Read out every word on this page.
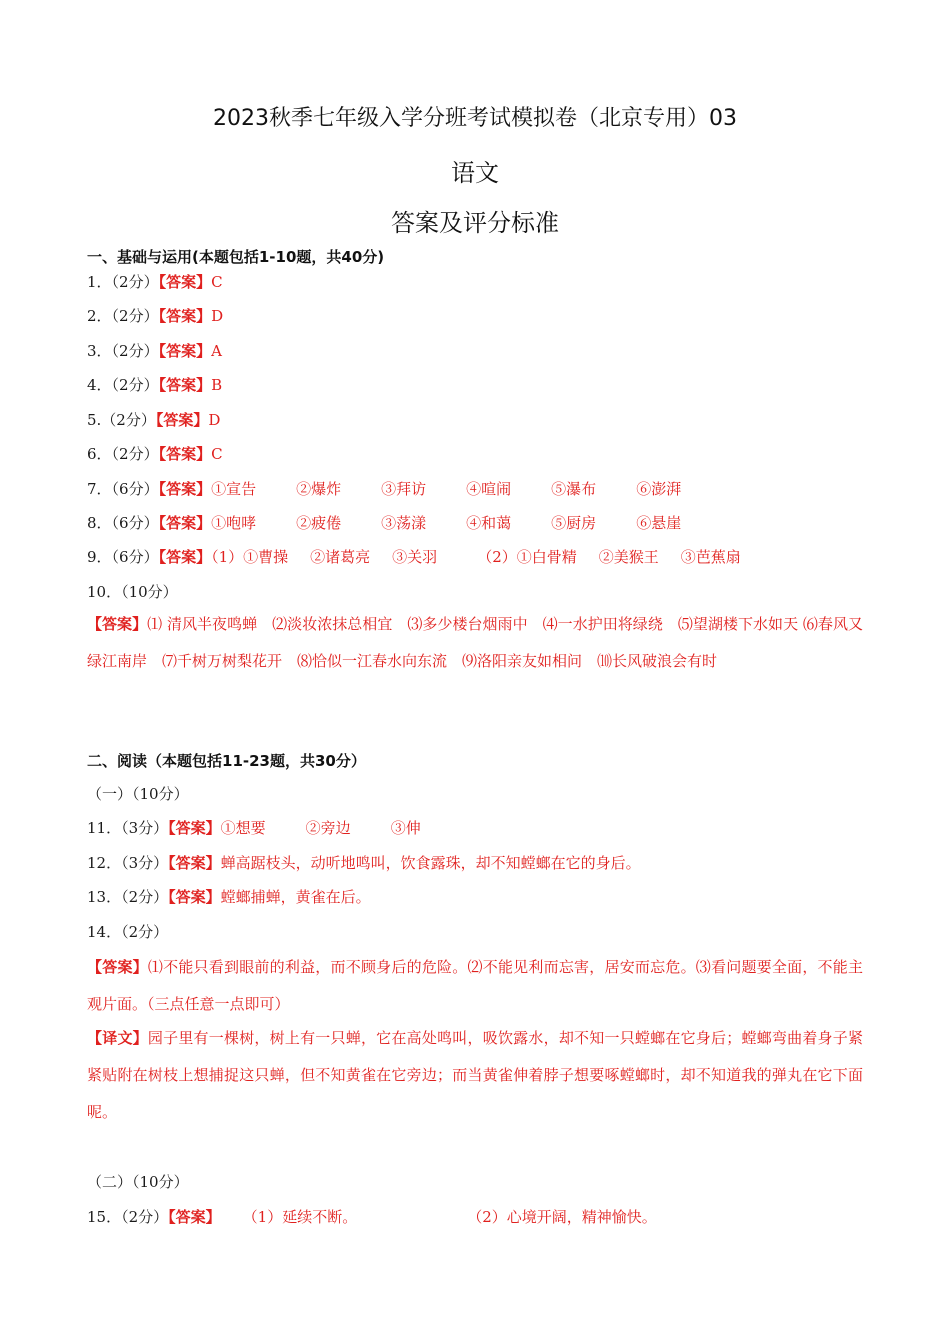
2023秋季七年级入学分班考试模拟卷（北京专用）03
语文
答案及评分标准
一、基础与运用(本题包括1-10题，共40分)
1．（2分）【答案】C
2．（2分）【答案】D
3．（2分）【答案】A
4．（2分）【答案】B
5.（2分）【答案】D
6．（2分）【答案】C
7．（6分）【答案】①宣告	②爆炸	③拜访	④喧闹	⑤瀑布	⑥澎湃
8．（6分）【答案】①咆哮	②疲倦	③荡漾	④和蔼	⑤厨房	⑥悬崖
9．（6分）【答案】（1）①曹操 ②诸葛亮 ③关羽	（2）①白骨精 ②美猴王 ③芭蕉扇
10．（10分）
【答案】⑴ 清风半夜鸣蝉　⑵淡妆浓抹总相宜　⑶多少楼台烟雨中　⑷一水护田将绿绕　⑸望湖楼下水如天 ⑹春风又绿江南岸　⑺千树万树梨花开　⑻恰似一江春水向东流　⑼洛阳亲友如相问　⑽长风破浪会有时
二、阅读（本题包括11-23题，共30分）
（一）（10分）
11．（3分）【答案】①想要	②旁边	③伸
12．（3分）【答案】蝉高踞枝头，动听地鸣叫，饮食露珠，却不知螳螂在它的身后。
13．（2分）【答案】螳螂捕蝉，黄雀在后。
14．（2分）
【答案】⑴不能只看到眼前的利益，而不顾身后的危险。⑵不能见利而忘害，居安而忘危。⑶看问题要全面，不能主观片面。（三点任意一点即可）
【译文】园子里有一棵树，树上有一只蝉，它在高处鸣叫，吸饮露水，却不知一只螳螂在它身后；螳螂弯曲着身子紧紧贴附在树枝上想捕捉这只蝉，但不知黄雀在它旁边；而当黄雀伸着脖子想要啄螳螂时，却不知道我的弹丸在它下面呢。
（二）（10分）
15．（2分）【答案】 （1）延续不断。	（2）心境开阔，精神愉快。
